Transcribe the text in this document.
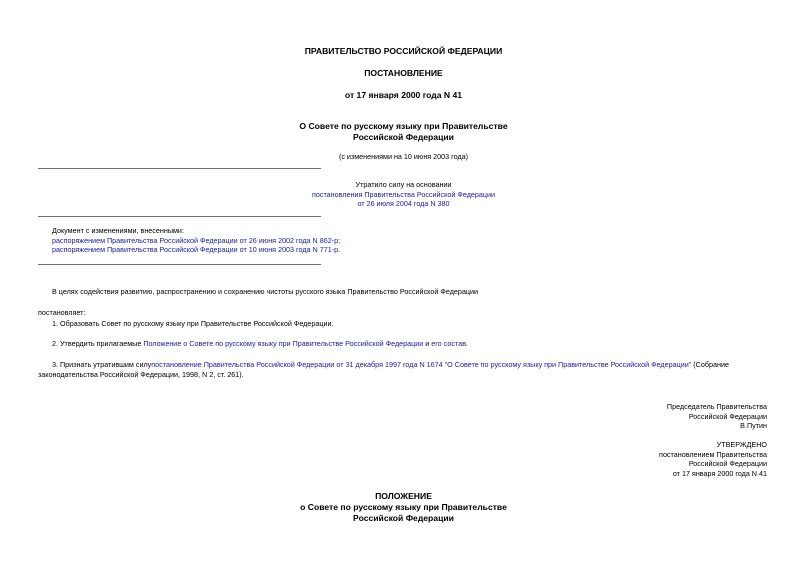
ПРАВИТЕЛЬСТВО РОССИЙСКОЙ ФЕДЕРАЦИИ
ПОСТАНОВЛЕНИЕ
от 17 января 2000 года N 41
О Совете по русскому языку при Правительстве
Российской Федерации
(с изменениями на 10 июня 2003 года)
Утратило силу на основании
постановления Правительства Российской Федерации
от 26 июля 2004 года N 380
Документ с изменениями, внесенными:
распоряжением Правительства Российской Федерации от 26 июня 2002 года N 862-р;
распоряжением Правительства Российской Федерации от 10 июня 2003 года N 771-р.
В целях содействия развитию, распространению и сохранению чистоты русского языка Правительство Российской Федерации
постановляет:
1. Образовать Совет по русскому языку при Правительстве Российской Федерации.
2. Утвердить прилагаемые Положение о Совете по русскому языку при Правительстве Российской Федерации и его состав.
3. Признать утратившим силупостановление Правительства Российской Федерации от 31 декабря 1997 года N 1674 "О Совете по русскому языку при Правительстве Российской Федерации" (Собрание
законодательства Российской Федерации, 1998, N 2, ст. 261).
Председатель Правительства
Российской Федерации
В.Путин
УТВЕРЖДЕНО
постановлением Правительства
Российской Федерации
от 17 января 2000 года N 41
ПОЛОЖЕНИЕ
о Совете по русскому языку при Правительстве
Российской Федерации
